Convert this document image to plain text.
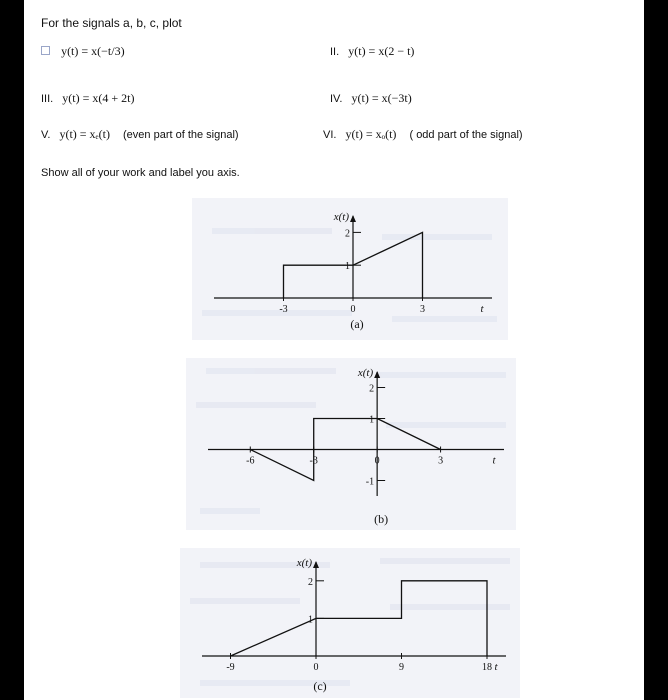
For the signals a, b, c, plot
y(t) = x(−t/3)	II. y(t) = x(2 − t)
III. y(t) = x(4 + 2t)	IV. y(t) = x(−3t)
V. y(t) = xₑ(t) (even part of the signal)	VI. y(t) = xₒ(t) ( odd part of the signal)
Show all of your work and label you axis.
-3	0	3
1
2
x(t)
t
(a)
-6	-3	0	3
1
2
-1
x(t)
t
(b)
-9	0	9	18
1
2
x(t)
t
(c)
